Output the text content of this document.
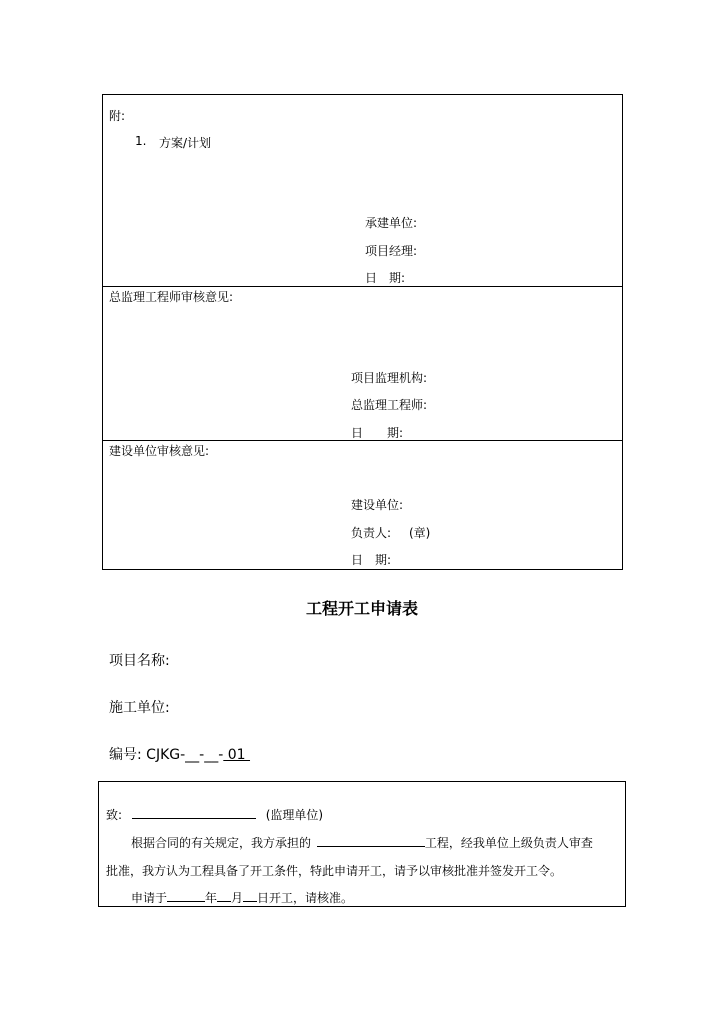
附:
1. 方案/计划
承建单位:
项目经理:
日　期:
总监理工程师审核意见:
项目监理机构:
总监理工程师:
日　　期:
建设单位审核意见:
建设单位:
负责人: (章)
日　期:
工程开工申请表
项目名称:
施工单位:
编号: CJKG-__-__- 01
致:	(监理单位)
根据合同的有关规定，我方承担的	工程，经我单位上级负责人审查
批准，我方认为工程具备了开工条件，特此申请开工，请予以审核批准并签发开工令。
申请于	年 月 日开工，请核准。
